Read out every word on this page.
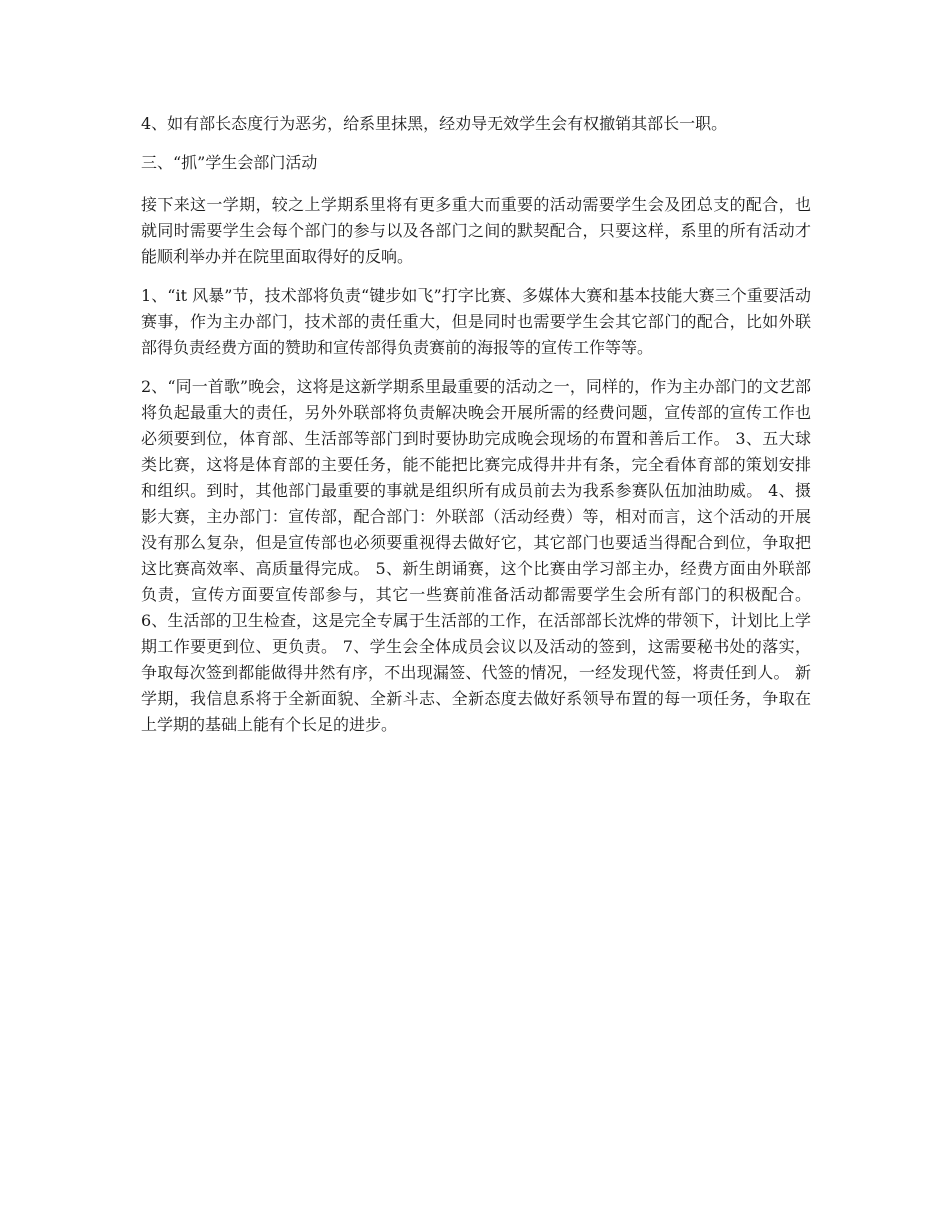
4、如有部长态度行为恶劣，给系里抹黑，经劝导无效学生会有权撤销其部长一职。

三、“抓”学生会部门活动

接下来这一学期，较之上学期系里将有更多重大而重要的活动需要学生会及团总支的配合，也就同时需要学生会每个部门的参与以及各部门之间的默契配合，只要这样，系里的所有活动才能顺利举办并在院里面取得好的反响。

1、“it 风暴”节，技术部将负责“键步如飞”打字比赛、多媒体大赛和基本技能大赛三个重要活动赛事，作为主办部门，技术部的责任重大，但是同时也需要学生会其它部门的配合，比如外联部得负责经费方面的赞助和宣传部得负责赛前的海报等的宣传工作等等。

2、“同一首歌”晚会，这将是这新学期系里最重要的活动之一，同样的，作为主办部门的文艺部将负起最重大的责任，另外外联部将负责解决晚会开展所需的经费问题，宣传部的宣传工作也必须要到位，体育部、生活部等部门到时要协助完成晚会现场的布置和善后工作。 3、五大球类比赛，这将是体育部的主要任务，能不能把比赛完成得井井有条，完全看体育部的策划安排和组织。到时，其他部门最重要的事就是组织所有成员前去为我系参赛队伍加油助威。 4、摄影大赛，主办部门：宣传部，配合部门：外联部（活动经费）等，相对而言，这个活动的开展没有那么复杂，但是宣传部也必须要重视得去做好它，其它部门也要适当得配合到位，争取把这比赛高效率、高质量得完成。 5、新生朗诵赛，这个比赛由学习部主办，经费方面由外联部负责，宣传方面要宣传部参与，其它一些赛前准备活动都需要学生会所有部门的积极配合。 6、生活部的卫生检查，这是完全专属于生活部的工作，在活部部长沈烨的带领下，计划比上学期工作要更到位、更负责。 7、学生会全体成员会议以及活动的签到，这需要秘书处的落实，争取每次签到都能做得井然有序，不出现漏签、代签的情况，一经发现代签，将责任到人。 新学期，我信息系将于全新面貌、全新斗志、全新态度去做好系领导布置的每一项任务，争取在上学期的基础上能有个长足的进步。
